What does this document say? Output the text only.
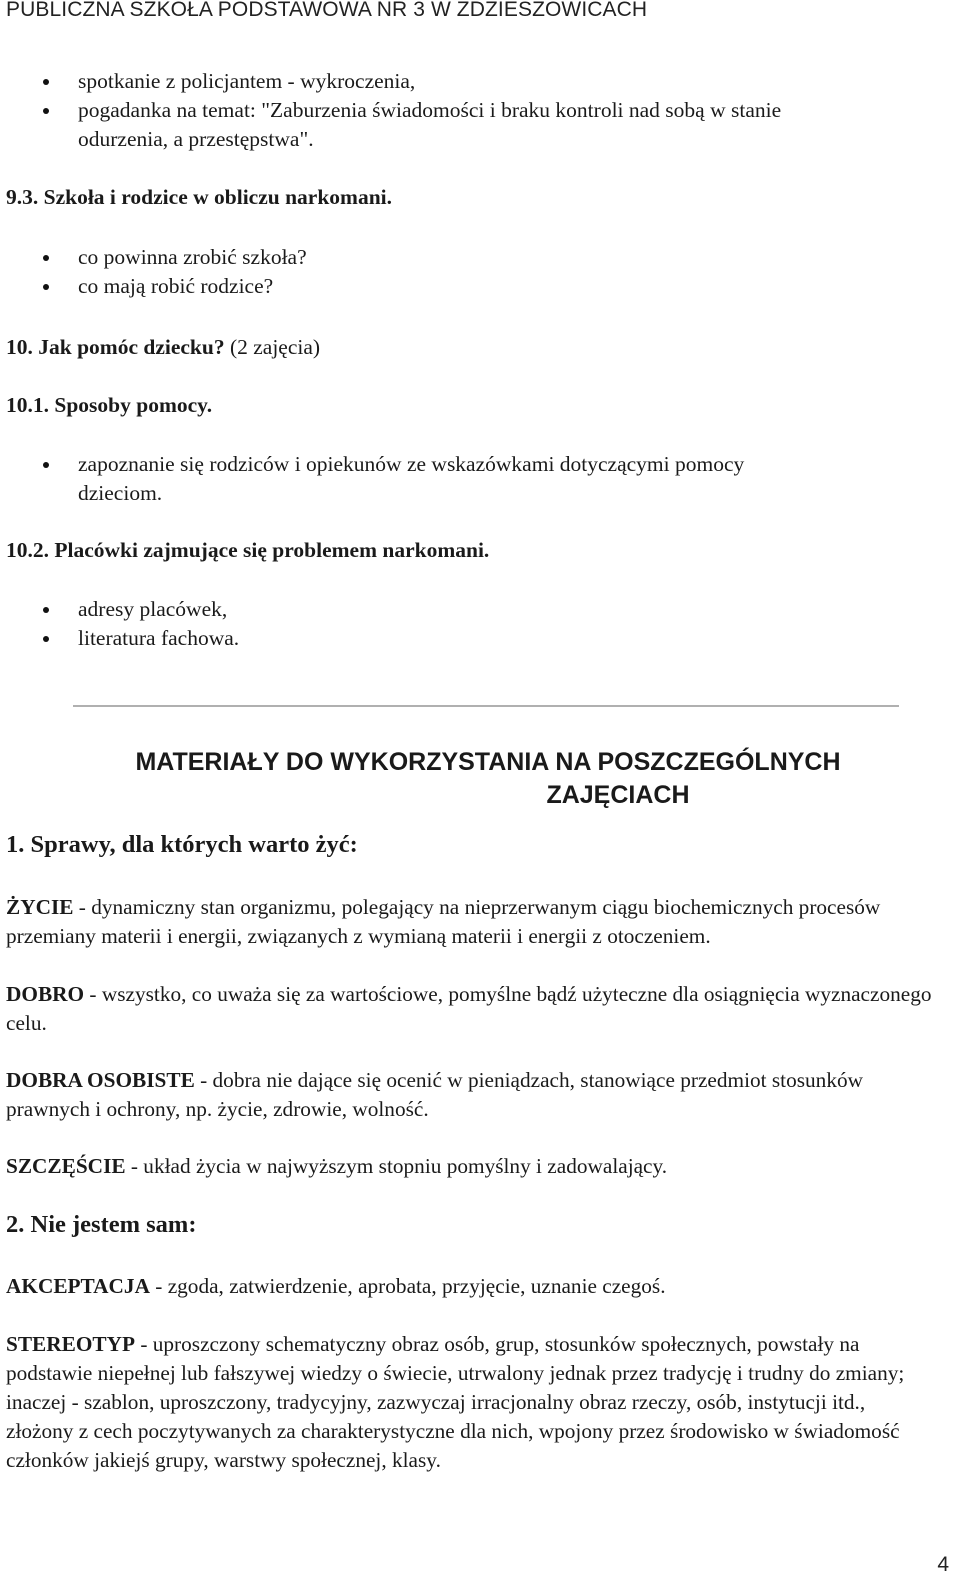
PUBLICZNA SZKOŁA PODSTAWOWA NR 3 W ZDZIESZOWICACH
spotkanie z policjantem - wykroczenia,
pogadanka na temat: "Zaburzenia świadomości i braku kontroli nad sobą w stanie
odurzenia, a przestępstwa".
9.3. Szkoła i rodzice w obliczu narkomani.
co powinna zrobić szkoła?
co mają robić rodzice?
10. Jak pomóc dziecku? (2 zajęcia)
10.1. Sposoby pomocy.
zapoznanie się rodziców i opiekunów ze wskazówkami dotyczącymi pomocy
dzieciom.
10.2. Placówki zajmujące się problemem narkomani.
adresy placówek,
literatura fachowa.
MATERIAŁY DO WYKORZYSTANIA NA POSZCZEGÓLNYCH
ZAJĘCIACH
1. Sprawy, dla których warto żyć:
ŻYCIE - dynamiczny stan organizmu, polegający na nieprzerwanym ciągu biochemicznych procesów przemiany materii i energii, związanych z wymianą materii i energii z otoczeniem.
DOBRO - wszystko, co uważa się za wartościowe, pomyślne bądź użyteczne dla osiągnięcia wyznaczonego celu.
DOBRA OSOBISTE - dobra nie dające się ocenić w pieniądzach, stanowiące przedmiot stosunków prawnych i ochrony, np. życie, zdrowie, wolność.
SZCZĘŚCIE - układ życia w najwyższym stopniu pomyślny i zadowalający.
2. Nie jestem sam:
AKCEPTACJA - zgoda, zatwierdzenie, aprobata, przyjęcie, uznanie czegoś.
STEREOTYP - uproszczony schematyczny obraz osób, grup, stosunków społecznych, powstały na podstawie niepełnej lub fałszywej wiedzy o świecie, utrwalony jednak przez tradycję i trudny do zmiany; inaczej - szablon, uproszczony, tradycyjny, zazwyczaj irracjonalny obraz rzeczy, osób, instytucji itd., złożony z cech poczytywanych za charakterystyczne dla nich, wpojony przez środowisko w świadomość członków jakiejś grupy, warstwy społecznej, klasy.
4
